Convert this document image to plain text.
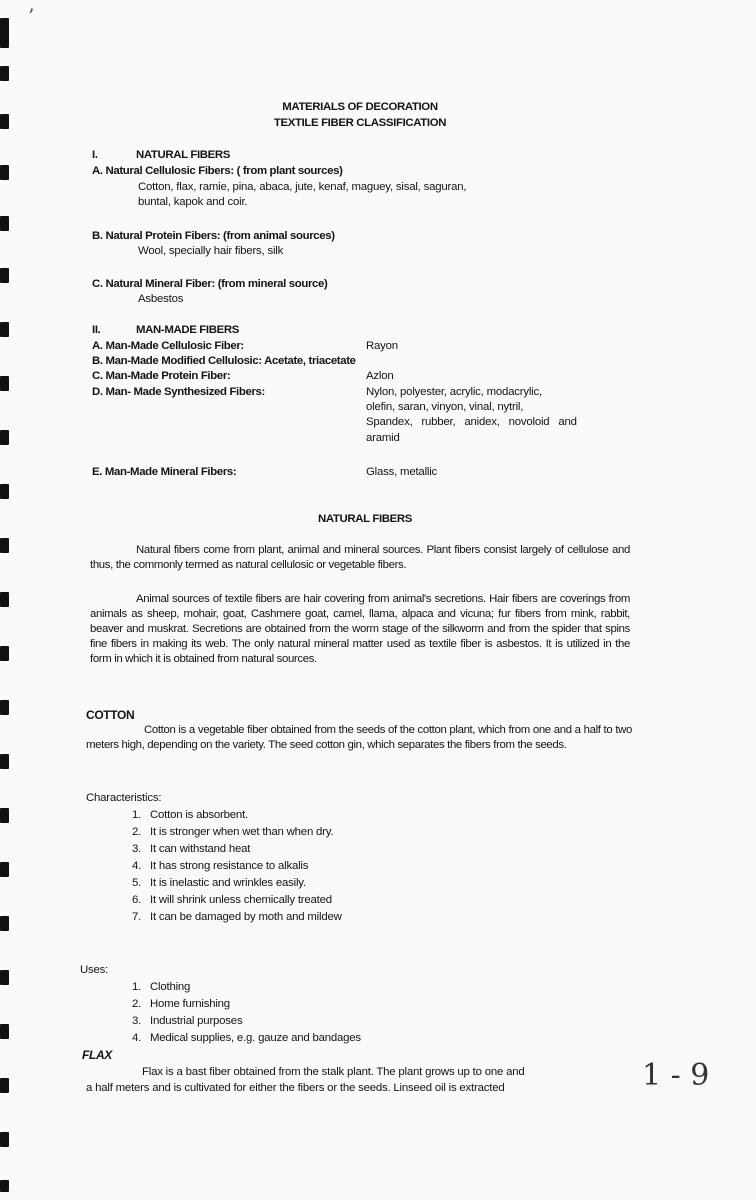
’
MATERIALS OF DECORATION
TEXTILE FIBER CLASSIFICATION
I.	NATURAL FIBERS
A. Natural Cellulosic Fibers: ( from plant sources)
Cotton, flax, ramie, pina, abaca, jute, kenaf, maguey, sisal, saguran,
buntal, kapok and coir.
B. Natural Protein Fibers: (from animal sources)
Wool, specially hair fibers, silk
C. Natural Mineral Fiber: (from mineral source)
Asbestos
II.	MAN-MADE FIBERS
A. Man-Made Cellulosic Fiber:	Rayon
B. Man-Made Modified Cellulosic: Acetate, triacetate
C. Man-Made Protein Fiber:	Azlon
D. Man- Made Synthesized Fibers:	Nylon, polyester, acrylic, modacrylic,
olefin, saran, vinyon, vinal, nytril,
Spandex,   rubber,   anidex,   novoloid   and
aramid
E. Man-Made Mineral Fibers:	Glass, metallic
NATURAL FIBERS
Natural fibers come from plant, animal and mineral sources. Plant fibers consist largely of cellulose and thus, the commonly termed as natural cellulosic or vegetable fibers.
Animal sources of textile fibers are hair covering from animal's secretions. Hair fibers are coverings from animals as sheep, mohair, goat, Cashmere goat, camel, llama, alpaca and vicuna; fur fibers from mink, rabbit, beaver and muskrat. Secretions are obtained from the worm stage of the silkworm and from the spider that spins fine fibers in making its web. The only natural mineral matter used as textile fiber is asbestos. It is utilized in the form in which it is obtained from natural sources.
COTTON
Cotton is a vegetable fiber obtained from the seeds of the cotton plant, which from one and a half to two meters high, depending on the variety. The seed cotton gin, which separates the fibers from the seeds.
Characteristics:
1.   Cotton is absorbent.
2.   It is stronger when wet than when dry.
3.   It can withstand heat
4.   It has strong resistance to alkalis
5.   It is inelastic and wrinkles easily.
6.   It will shrink unless chemically treated
7.   It can be damaged by moth and mildew
Uses:
1.   Clothing
2.   Home furnishing
3.   Industrial purposes
4.   Medical supplies, e.g. gauze and bandages
FLAX
Flax is a bast fiber obtained from the stalk plant. The plant grows up to one and
a half meters and is cultivated for either the fibers or the seeds. Linseed oil is extracted	1 - 9
